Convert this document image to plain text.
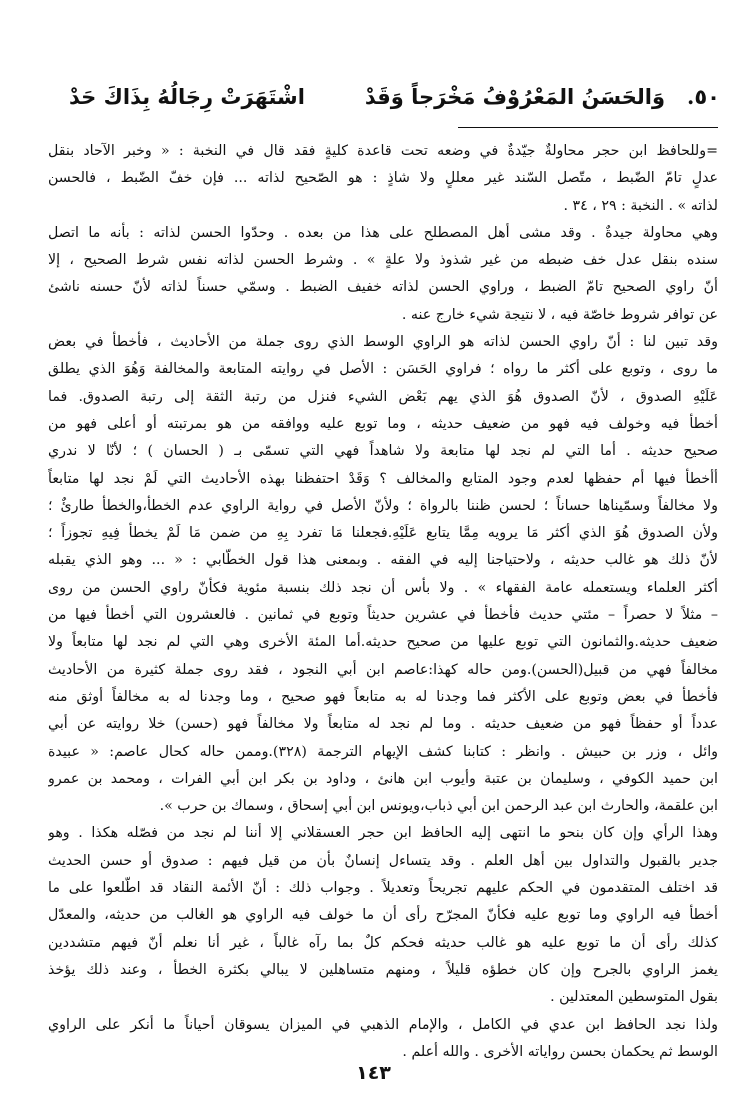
٥٠.
وَالحَسَنُ المَعْرُوْفُ مَخْرَجاً وَقَدْ
اشْتَهَرَتْ رِجَالُهُ بِذَاكَ حَدْ
=وللحافظ ابن حجر محاولةٌ جيّدةٌ في وضعه تحت قاعدة كليةٍ فقد قال في النخبة : « وخبر الآحاد بنقل
عدلٍ تامّ الضّبط ، متّصل السّند غير معللٍ ولا شاذٍ : هو الصّحيح لذاته ... فإن خفّ الضّبط ، فالحسن
لذاته » . النخبة : ٢٩ ، ٣٤ .
وهي محاولة جيدةٌ . وقد مشى أهل المصطلح على هذا من بعده . وحدّوا الحسن لذاته : بأنه ما اتصل
سنده بنقل عدل خف ضبطه من غير شذوذ ولا علةٍ » . وشرط الحسن لذاته نفس شرط الصحيح ، إلا
أنّ راوي الصحيح تامّ الضبط ، وراوي الحسن لذاته خفيف الضبط . وسمّي حسناً لذاته لأنّ حسنه ناشئ
عن توافر شروط خاصّة فيه ، لا نتيجة شيء خارج عنه .
وقد تبين لنا : أنّ راوي الحسن لذاته هو الراوي الوسط الذي روى جملة من الأحاديث ، فأخطأ في بعض
ما روى ، وتوبع على أكثر ما رواه ؛ فراوي الحَسَن : الأصل في روايته المتابعة والمخالفة وَهُوَ الذي يطلق
عَلَيْهِ الصدوق ، لأنّ الصدوق هُوَ الذي يهم بَعْض الشيء فنزل من رتبة الثقة إلى رتبة الصدوق. فما
أخطأ فيه وخولف فيه فهو من ضعيف حديثه ، وما توبع عليه ووافقه من هو بمرتبته أو أعلى فهو من
صحيح حديثه . أما التي لم نجد لها متابعة ولا شاهداً فهي التي تسمّى بـ ( الحسان ) ؛ لأنّا لا ندري
أأخطأ فيها أم حفظها لعدم وجود المتابع والمخالف ؟ وَقَدْ احتفظنا بهذه الأحاديث التي لَمْ نجد لها متابعاً
ولا مخالفاً وسمّيناها حساناً ؛ لحسن ظننا بالرواة ؛ ولأنّ الأصل في رواية الراوي عدم الخطأ،والخطأ طارئٌ ؛
ولأن الصدوق هُوَ الذي أكثر مَا يرويه مِمَّا يتابع عَلَيْهِ.فجعلنا مَا تفرد بِهِ من ضمن مَا لَمْ يخطأ فِيهِ تجوزاً ؛
لأنّ ذلك هو غالب حديثه ، ولاحتياجنا إليه في الفقه . وبمعنى هذا قول الخطّابي : « ... وهو الذي يقبله
أكثر العلماء ويستعمله عامة الفقهاء » . ولا بأس أن نجد ذلك بنسبة مئوية فكأنّ راوي الحسن من روى
– مثلاً لا حصراً – مئتي حديث فأخطأ في عشرين حديثاً وتوبع في ثمانين . فالعشرون التي أخطأ فيها من
ضعيف حديثه.والثمانون التي توبع عليها من صحيح حديثه.أما المئة الأخرى وهي التي لم نجد لها متابعاً ولا
مخالفاً فهي من قبيل(الحسن).ومن حاله كهذا:عاصم ابن أبي النجود ، فقد روى جملة كثيرة من الأحاديث
فأخطأ في بعض وتوبع على الأكثر فما وجدنا له به متابعاً فهو صحيح ، وما وجدنا له به مخالفاً أوثق منه
عدداً أو حفظاً فهو من ضعيف حديثه . وما لم نجد له متابعاً ولا مخالفاً فهو (حسن) خلا روايته عن أبي
وائل ، وزر بن حبيش . وانظر : كتابنا كشف الإيهام الترجمة (٣٢٨).وممن حاله كحال عاصم: « عبيدة
ابن حميد الكوفي ، وسليمان بن عتبة وأيوب ابن هانئ ، وداود بن بكر ابن أبي الفرات ، ومحمد بن عمرو
ابن علقمة، والحارث ابن عبد الرحمن ابن أبي ذباب،ويونس ابن أبي إسحاق ، وسماك بن حرب ».
وهذا الرأي وإن كان بنحو ما انتهى إليه الحافظ ابن حجر العسقلاني إلا أننا لم نجد من فصّله هكذا . وهو
جدير بالقبول والتداول بين أهل العلم . وقد يتساءل إنسانٌ بأن من قيل فيهم : صدوق أو حسن الحديث
قد اختلف المتقدمون في الحكم عليهم تجريحاً وتعديلاً . وجواب ذلك : أنّ الأئمة النقاد قد اطّلعوا على ما
أخطأ فيه الراوي وما توبع عليه فكأنّ المجرّح رأى أن ما خولف فيه الراوي هو الغالب من حديثه، والمعدّل
كذلك رأى أن ما توبع عليه هو غالب حديثه فحكم كلٌ بما رآه غالباً ، غير أنا نعلم أنّ فيهم متشددين
يغمز الراوي بالجرح وإن كان خطؤه قليلاً ، ومنهم متساهلين لا يبالي بكثرة الخطأ ، وعند ذلك يؤخذ
بقول المتوسطين المعتدلين .
ولذا نجد الحافظ ابن عدي في الكامل ، والإمام الذهبي في الميزان يسوقان أحياناً ما أنكر على الراوي
الوسط ثم يحكمان بحسن رواياته الأخرى . والله أعلم .
١٤٣
